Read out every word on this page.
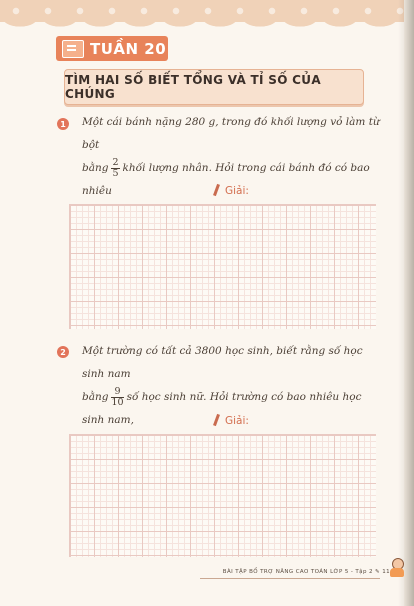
TUẦN 20
TÌM HAI SỐ BIẾT TỔNG VÀ TỈ SỐ CỦA CHÚNG
1	Một cái bánh nặng 280 g, trong đó khối lượng vỏ làm từ bột
bằng $\frac{2}{5}$ khối lượng nhân. Hỏi trong cái bánh đó có bao nhiêu	Giải:
2	Một trường có tất cả 3800 học sinh, biết rằng số học sinh nam
bằng $\frac{9}{10}$ số học sinh nữ. Hỏi trường có bao nhiêu học sinh nam,	Giải:
BÀI TẬP BỔ TRỢ NÂNG CAO TOÁN LỚP 5 - Tập 2 ✎ 11
